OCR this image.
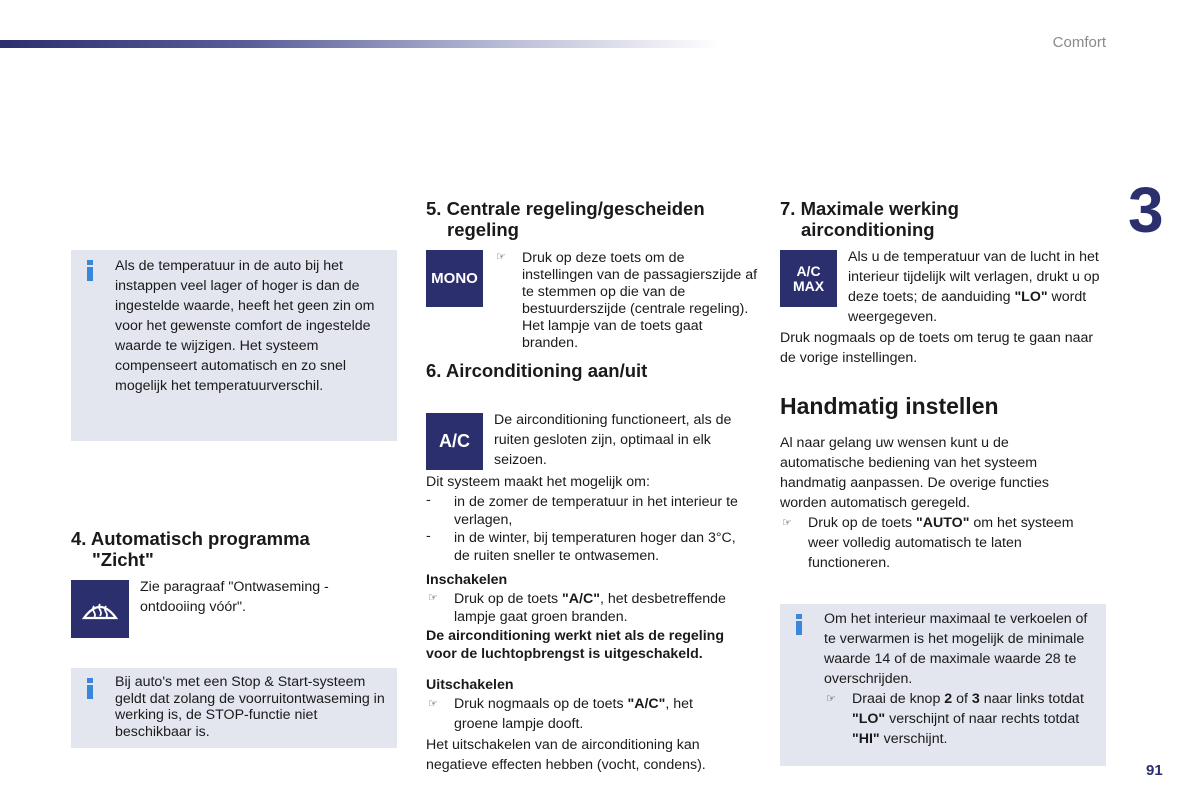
Comfort
3
91

Als de temperatuur in de auto bij het instappen veel lager of hoger is dan de ingestelde waarde, heeft het geen zin om voor het gewenste comfort de ingestelde waarde te wijzigen. Het systeem compenseert automatisch en zo snel mogelijk het temperatuurverschil.

4. Automatisch programma
"Zicht"
Zie paragraaf "Ontwaseming - ontdooiing vóór".

Bij auto's met een Stop & Start-systeem geldt dat zolang de voorruitontwaseming in werking is, de STOP-functie niet beschikbaar is.

5. Centrale regeling/gescheiden
regeling
MONO
☞ Druk op deze toets om de instellingen van de passagierszijde af te stemmen op die van de bestuurderszijde (centrale regeling). Het lampje van de toets gaat branden.
6. Airconditioning aan/uit
A/C
De airconditioning functioneert, als de ruiten gesloten zijn, optimaal in elk seizoen.
Dit systeem maakt het mogelijk om:
- in de zomer de temperatuur in het interieur te verlagen,
- in de winter, bij temperaturen hoger dan 3°C, de ruiten sneller te ontwasemen.
Inschakelen
☞ Druk op de toets "A/C", het desbetreffende lampje gaat groen branden.
De airconditioning werkt niet als de regeling voor de luchtopbrengst is uitgeschakeld.
Uitschakelen
☞ Druk nogmaals op de toets "A/C", het groene lampje dooft.
Het uitschakelen van de airconditioning kan negatieve effecten hebben (vocht, condens).
7. Maximale werking
airconditioning
A/C
MAX
Als u de temperatuur van de lucht in het interieur tijdelijk wilt verlagen, drukt u op deze toets; de aanduiding "LO" wordt weergegeven.
Druk nogmaals op de toets om terug te gaan naar de vorige instellingen.
Handmatig instellen
Al naar gelang uw wensen kunt u de automatische bediening van het systeem handmatig aanpassen. De overige functies worden automatisch geregeld.
☞ Druk op de toets "AUTO" om het systeem weer volledig automatisch te laten functioneren.

Om het interieur maximaal te verkoelen of te verwarmen is het mogelijk de minimale waarde 14 of de maximale waarde 28 te overschrijden.

☞ Draai de knop 2 of 3 naar links totdat "LO" verschijnt of naar rechts totdat "HI" verschijnt.
